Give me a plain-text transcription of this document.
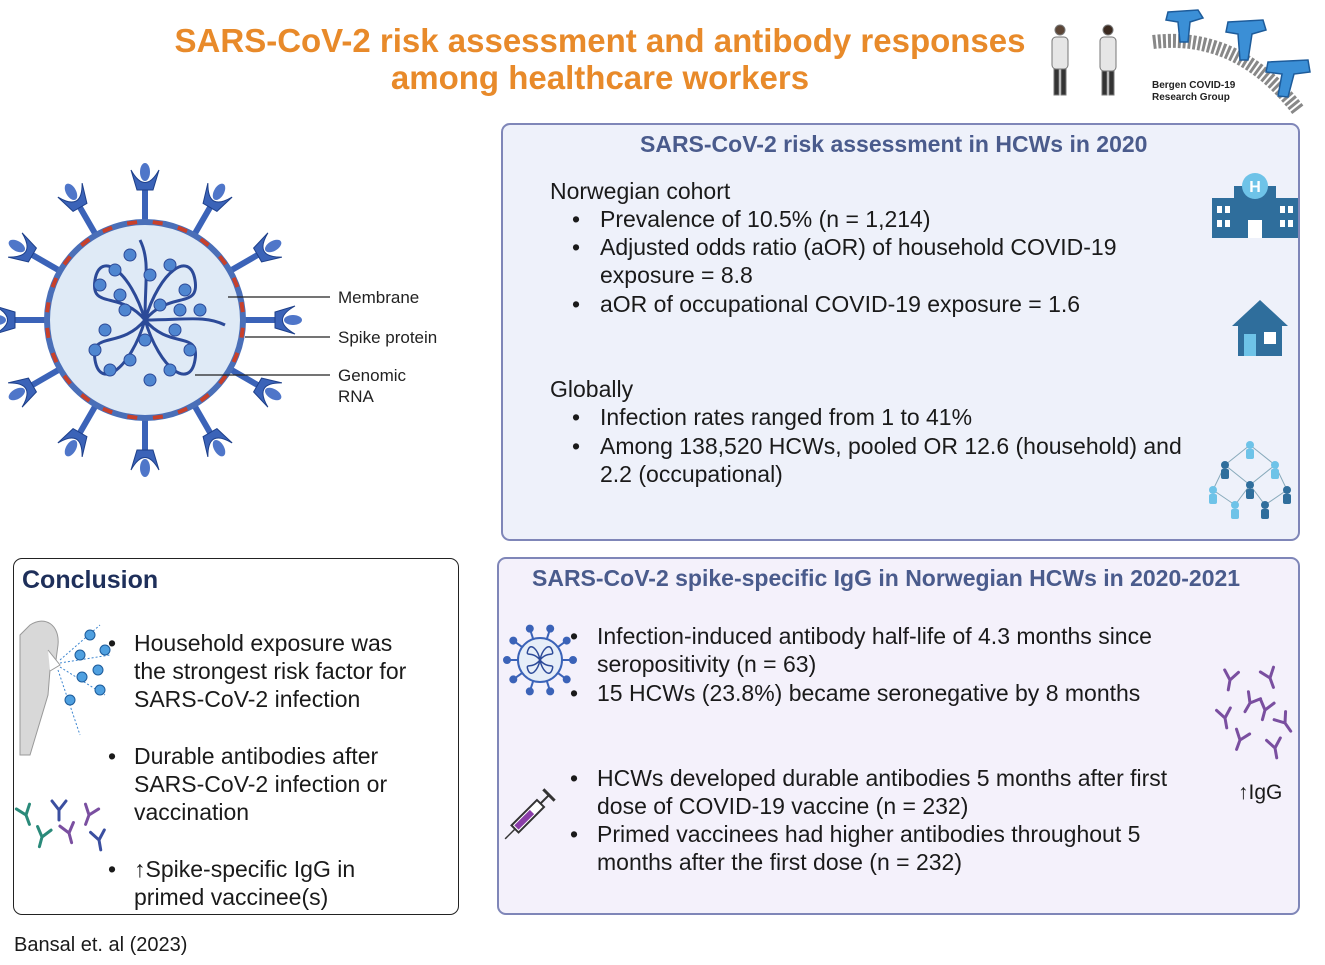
SARS-CoV-2 risk assessment and antibody responses
among healthcare workers	Bergen COVID-19
Research Group
Membrane
Spike protein
Genomic
RNA
SARS-CoV-2 risk assessment in HCWs in 2020
Norwegian cohort
• Prevalence of 10.5% (n = 1,214)
• Adjusted odds ratio (aOR) of household COVID-19
exposure = 8.8
• aOR of occupational COVID-19 exposure = 1.6
Globally
• Infection rates ranged from 1 to 41%
• Among 138,520 HCWs, pooled OR 12.6 (household) and
2.2 (occupational)
H
SARS-CoV-2 spike-specific IgG in Norwegian HCWs in 2020-2021
• Infection-induced antibody half-life of 4.3 months since
seropositivity (n = 63)
• 15 HCWs (23.8%) became seronegative by 8 months
• HCWs developed durable antibodies 5 months after first
dose of COVID-19 vaccine (n = 232)
• Primed vaccinees had higher antibodies throughout 5
months after the first dose (n = 232)
↑IgG
Conclusion
• Household exposure was
the strongest risk factor for
SARS-CoV-2 infection
• Durable antibodies after
SARS-CoV-2 infection or
vaccination
• ↑Spike-specific IgG in
primed vaccinee(s)
Bansal et. al (2023)
